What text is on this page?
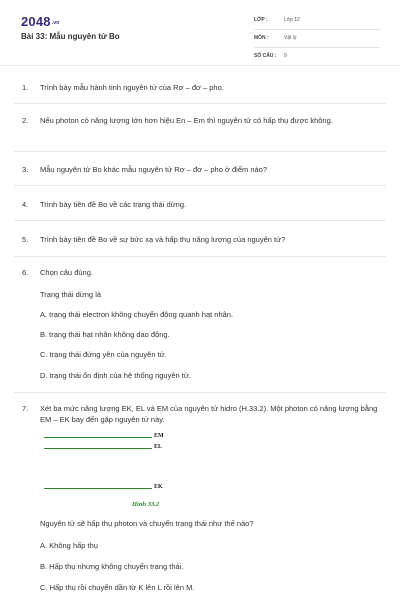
2048.vn
Bài 33: Mẫu nguyên tử Bo
LỚP :	Lớp 12
MÔN :	Vật lý
SỐ CÂU : 9
1.	Trình bày mẫu hành tinh nguyên tử của Rơ – đơ – pho.
2.	Nếu photon có năng lượng lớn hơn hiệu En – Em thì nguyên tử có hấp thụ được không.
3.	Mẫu nguyên tử Bo khác mẫu nguyên tử Rơ – đơ – pho ở điểm nào?
4.	Trình bày tiên đề Bo về các trạng thái dừng.
5.	Trình bày tiên đề Bo về sự bức xạ và hấp thụ năng lượng của nguyên tử?
6.	Chọn câu đúng.
Trạng thái dừng là
A. trạng thái electron không chuyển động quanh hạt nhân.
B. trạng thái hạt nhân không dao động.
C. trạng thái đứng yên của nguyên tử.
D. trạng thái ổn định của hệ thống nguyên tử.
7.	Xét ba mức năng lượng EK, EL và EM của nguyên tử hidro (H.33.2). Một photon có năng lượng bằng EM – EK bay đến gặp nguyên tử này.
EM
EL
EK
Hình 33.2
Nguyên tử sẽ hấp thụ photon và chuyển trạng thái như thế nào?
A. Không hấp thụ
B. Hấp thụ nhưng không chuyển trạng thái.
C. Hấp thụ rồi chuyển dần từ K lên L rồi lên M.
